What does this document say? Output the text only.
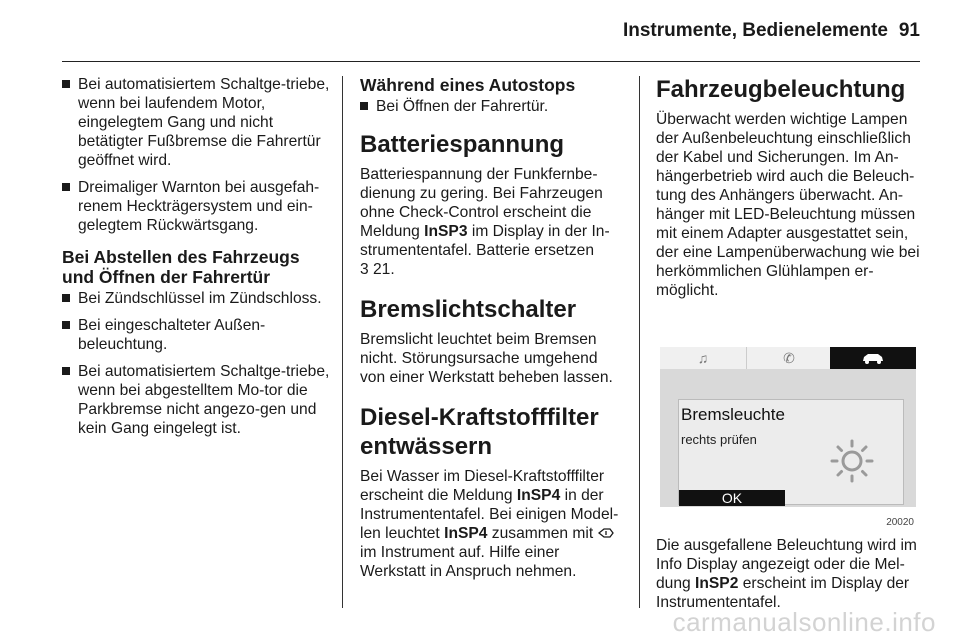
Instrumente, Bedienelemente 91
Bei automatisiertem Schaltge-triebe, wenn bei laufendem Motor, eingelegtem Gang und nicht betätigter Fußbremse die Fahrertür geöffnet wird.
Dreimaliger Warnton bei ausgefah-renem Heckträgersystem und ein-gelegtem Rückwärtsgang.
Bei Abstellen des Fahrzeugs und Öffnen der Fahrertür
Bei Zündschlüssel im Zündschloss.
Bei eingeschalteter Außen-beleuchtung.
Bei automatisiertem Schaltge-triebe, wenn bei abgestelltem Mo-tor die Parkbremse nicht angezo-gen und kein Gang eingelegt ist.
Während eines Autostops
Bei Öffnen der Fahrertür.
Batteriespannung

Batteriespannung der Funkfernbe-dienung zu gering. Bei Fahrzeugen ohne Check-Control erscheint die Meldung InSP3 im Display in der In-strumententafel. Batterie ersetzen
3 21.

Bremslichtschalter

Bremslicht leuchtet beim Bremsen nicht. Störungsursache umgehend von einer Werkstatt beheben lassen.

Diesel-Kraftstofffilter entwässern

Bei Wasser im Diesel-Kraftstofffilter erscheint die Meldung InSP4 in der Instrumententafel. Bei einigen Model-len leuchtet InSP4 zusammen mit  im Instrument auf. Hilfe einer Werkstatt in Anspruch nehmen.

Fahrzeugbeleuchtung

Überwacht werden wichtige Lampen der Außenbeleuchtung einschließlich der Kabel und Sicherungen. Im An-hängerbetrieb wird auch die Beleuch-tung des Anhängers überwacht. An-hänger mit LED-Beleuchtung müssen mit einem Adapter ausgestattet sein, der eine Lampenüberwachung wie bei herkömmlichen Glühlampen er-möglicht.

♫	✆
Bremsleuchte
rechts prüfen
OK
20020

Die ausgefallene Beleuchtung wird im Info Display angezeigt oder die Mel-dung InSP2 erscheint im Display der Instrumententafel.

carmanualsonline.info
